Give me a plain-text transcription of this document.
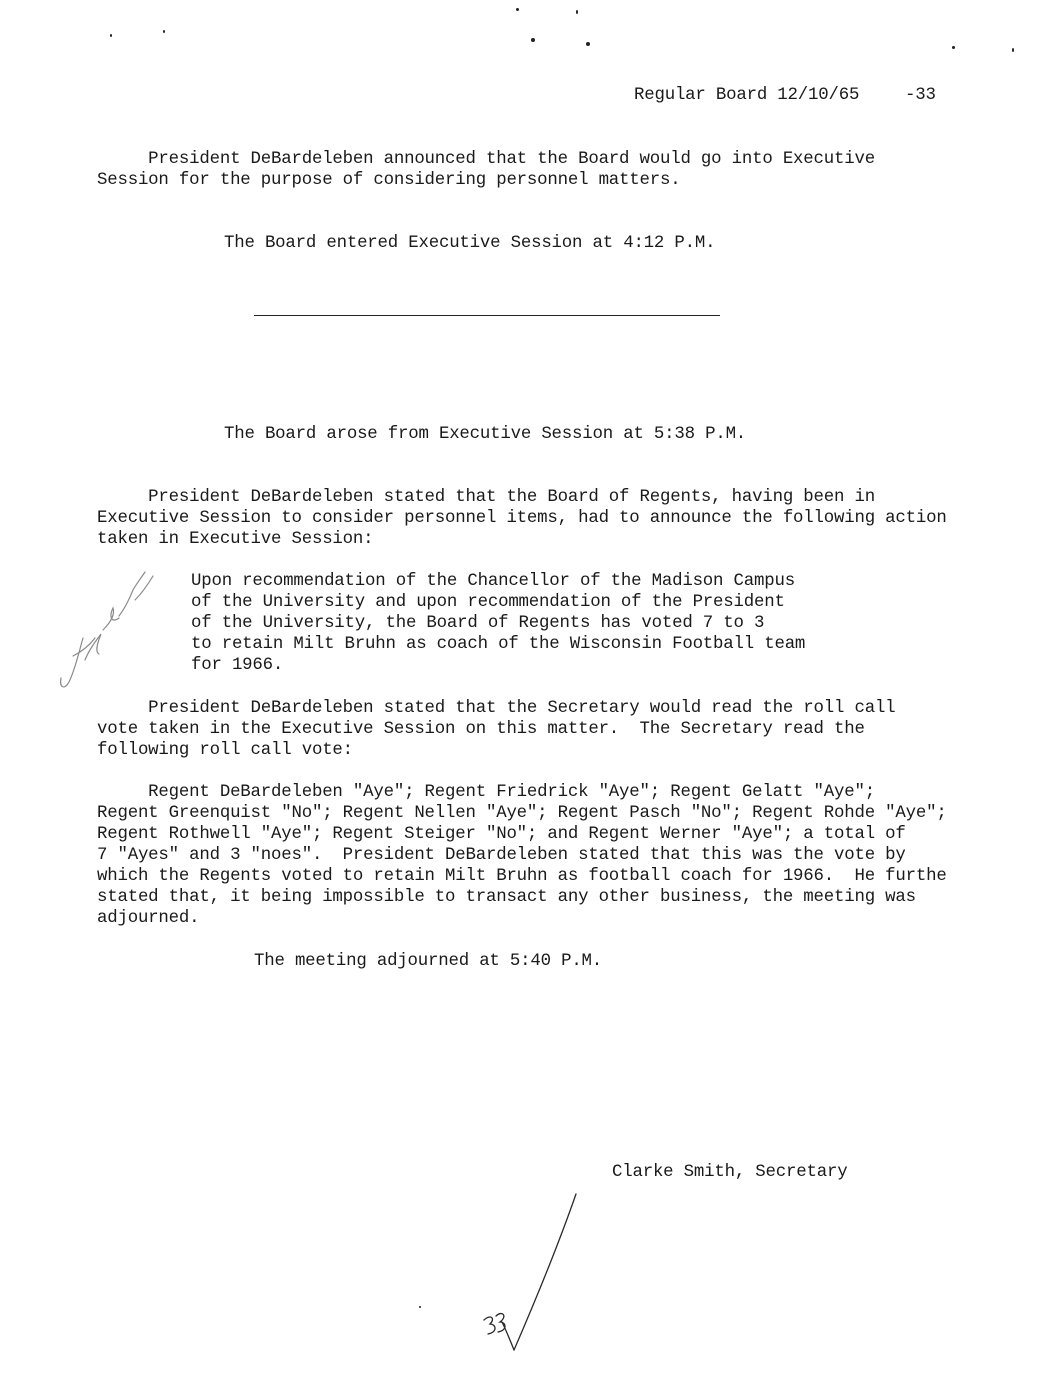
Regular Board 12/10/65	-33
President DeBardeleben announced that the Board would go into Executive
Session for the purpose of considering personnel matters.
The Board entered Executive Session at 4:12 P.M.
The Board arose from Executive Session at 5:38 P.M.
President DeBardeleben stated that the Board of Regents, having been in
Executive Session to consider personnel items, had to announce the following action
taken in Executive Session:
Upon recommendation of the Chancellor of the Madison Campus
of the University and upon recommendation of the President
of the University, the Board of Regents has voted 7 to 3
to retain Milt Bruhn as coach of the Wisconsin Football team
for 1966.
President DeBardeleben stated that the Secretary would read the roll call
vote taken in the Executive Session on this matter.  The Secretary read the
following roll call vote:
Regent DeBardeleben "Aye"; Regent Friedrick "Aye"; Regent Gelatt "Aye";
Regent Greenquist "No"; Regent Nellen "Aye"; Regent Pasch "No"; Regent Rohde "Aye";
Regent Rothwell "Aye"; Regent Steiger "No"; and Regent Werner "Aye"; a total of
7 "Ayes" and 3 "noes".  President DeBardeleben stated that this was the vote by
which the Regents voted to retain Milt Bruhn as football coach for 1966.  He furthe
stated that, it being impossible to transact any other business, the meeting was
adjourned.
The meeting adjourned at 5:40 P.M.
Clarke Smith, Secretary
